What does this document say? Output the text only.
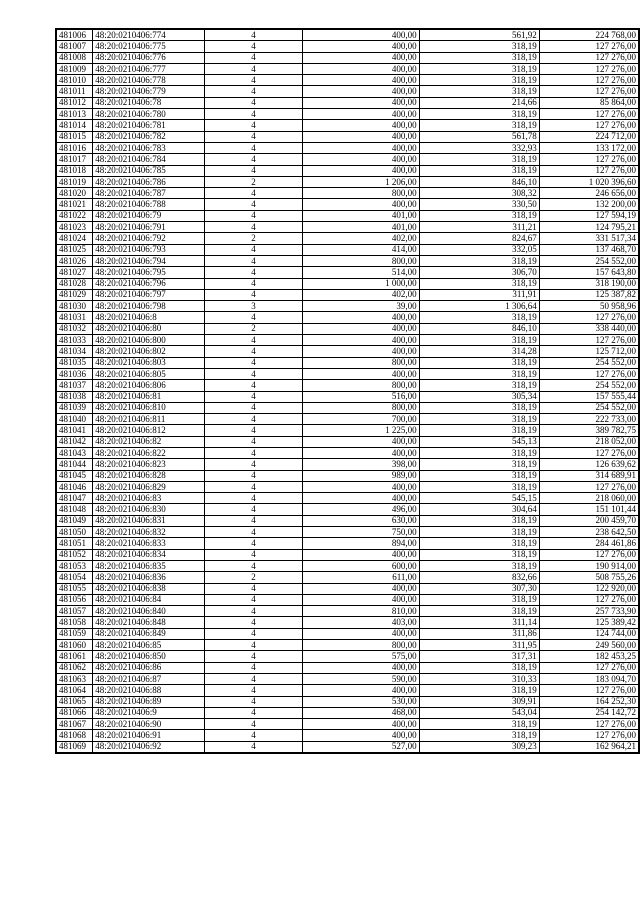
481006	48:20:0210406:774	4	400,00	561,92	224 768,00
481007	48:20:0210406:775	4	400,00	318,19	127 276,00
481008	48:20:0210406:776	4	400,00	318,19	127 276,00
481009	48:20:0210406:777	4	400,00	318,19	127 276,00
481010	48:20:0210406:778	4	400,00	318,19	127 276,00
481011	48:20:0210406:779	4	400,00	318,19	127 276,00
481012	48:20:0210406:78	4	400,00	214,66	85 864,00
481013	48:20:0210406:780	4	400,00	318,19	127 276,00
481014	48:20:0210406:781	4	400,00	318,19	127 276,00
481015	48:20:0210406:782	4	400,00	561,78	224 712,00
481016	48:20:0210406:783	4	400,00	332,93	133 172,00
481017	48:20:0210406:784	4	400,00	318,19	127 276,00
481018	48:20:0210406:785	4	400,00	318,19	127 276,00
481019	48:20:0210406:786	2	1 206,00	846,10	1 020 396,60
481020	48:20:0210406:787	4	800,00	308,32	246 656,00
481021	48:20:0210406:788	4	400,00	330,50	132 200,00
481022	48:20:0210406:79	4	401,00	318,19	127 594,19
481023	48:20:0210406:791	4	401,00	311,21	124 795,21
481024	48:20:0210406:792	2	402,00	824,67	331 517,34
481025	48:20:0210406:793	4	414,00	332,05	137 468,70
481026	48:20:0210406:794	4	800,00	318,19	254 552,00
481027	48:20:0210406:795	4	514,00	306,70	157 643,80
481028	48:20:0210406:796	4	1 000,00	318,19	318 190,00
481029	48:20:0210406:797	4	402,00	311,91	125 387,82
481030	48:20:0210406:798	3	39,00	1 306,64	50 958,96
481031	48:20:0210406:8	4	400,00	318,19	127 276,00
481032	48:20:0210406:80	2	400,00	846,10	338 440,00
481033	48:20:0210406:800	4	400,00	318,19	127 276,00
481034	48:20:0210406:802	4	400,00	314,28	125 712,00
481035	48:20:0210406:803	4	800,00	318,19	254 552,00
481036	48:20:0210406:805	4	400,00	318,19	127 276,00
481037	48:20:0210406:806	4	800,00	318,19	254 552,00
481038	48:20:0210406:81	4	516,00	305,34	157 555,44
481039	48:20:0210406:810	4	800,00	318,19	254 552,00
481040	48:20:0210406:811	4	700,00	318,19	222 733,00
481041	48:20:0210406:812	4	1 225,00	318,19	389 782,75
481042	48:20:0210406:82	4	400,00	545,13	218 052,00
481043	48:20:0210406:822	4	400,00	318,19	127 276,00
481044	48:20:0210406:823	4	398,00	318,19	126 639,62
481045	48:20:0210406:828	4	989,00	318,19	314 689,91
481046	48:20:0210406:829	4	400,00	318,19	127 276,00
481047	48:20:0210406:83	4	400,00	545,15	218 060,00
481048	48:20:0210406:830	4	496,00	304,64	151 101,44
481049	48:20:0210406:831	4	630,00	318,19	200 459,70
481050	48:20:0210406:832	4	750,00	318,19	238 642,50
481051	48:20:0210406:833	4	894,00	318,19	284 461,86
481052	48:20:0210406:834	4	400,00	318,19	127 276,00
481053	48:20:0210406:835	4	600,00	318,19	190 914,00
481054	48:20:0210406:836	2	611,00	832,66	508 755,26
481055	48:20:0210406:838	4	400,00	307,30	122 920,00
481056	48:20:0210406:84	4	400,00	318,19	127 276,00
481057	48:20:0210406:840	4	810,00	318,19	257 733,90
481058	48:20:0210406:848	4	403,00	311,14	125 389,42
481059	48:20:0210406:849	4	400,00	311,86	124 744,00
481060	48:20:0210406:85	4	800,00	311,95	249 560,00
481061	48:20:0210406:850	4	575,00	317,31	182 453,25
481062	48:20:0210406:86	4	400,00	318,19	127 276,00
481063	48:20:0210406:87	4	590,00	310,33	183 094,70
481064	48:20:0210406:88	4	400,00	318,19	127 276,00
481065	48:20:0210406:89	4	530,00	309,91	164 252,30
481066	48:20:0210406:9	4	468,00	543,04	254 142,72
481067	48:20:0210406:90	4	400,00	318,19	127 276,00
481068	48:20:0210406:91	4	400,00	318,19	127 276,00
481069	48:20:0210406:92	4	527,00	309,23	162 964,21
